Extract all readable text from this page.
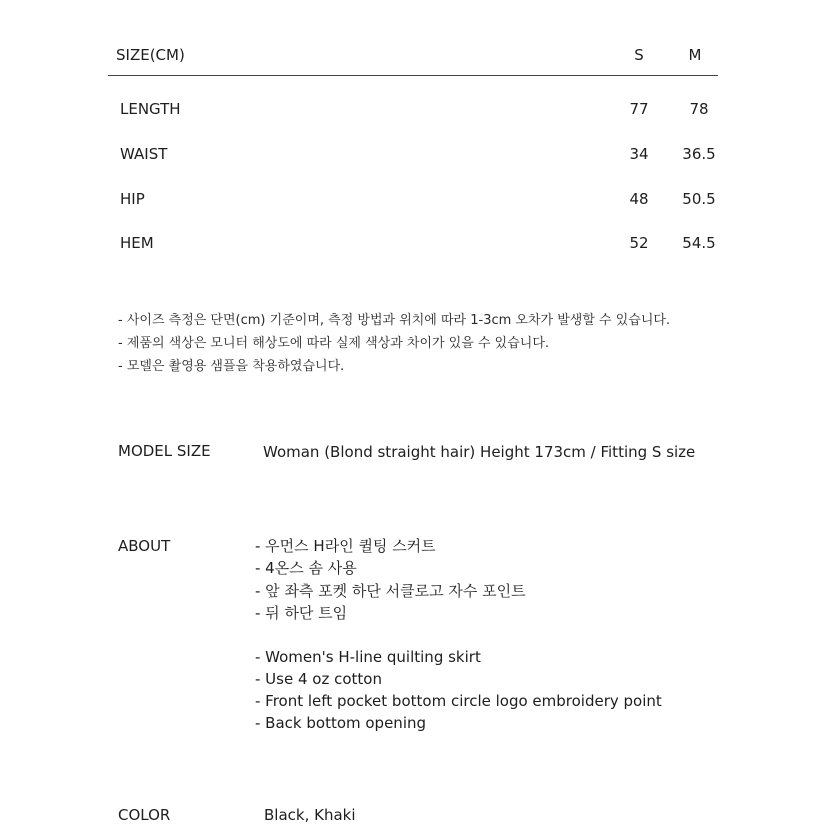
SIZE(CM)	S	M
LENGTH	77	78
WAIST	34	36.5
HIP	48	50.5
HEM	52	54.5
- 사이즈 측정은 단면(cm) 기준이며, 측정 방법과 위치에 따라 1-3cm 오차가 발생할 수 있습니다.
- 제품의 색상은 모니터 해상도에 따라 실제 색상과 차이가 있을 수 있습니다.
- 모델은 촬영용 샘플을 착용하였습니다.
MODEL SIZE	Woman (Blond straight hair) Height 173cm / Fitting S size
ABOUT	- 우먼스 H라인 퀼팅 스커트
- 4온스 솜 사용
- 앞 좌측 포켓 하단 서클로고 자수 포인트
- 뒤 하단 트임
- Women's H-line quilting skirt
- Use 4 oz cotton
- Front left pocket bottom circle logo embroidery point
- Back bottom opening
COLOR	Black, Khaki
